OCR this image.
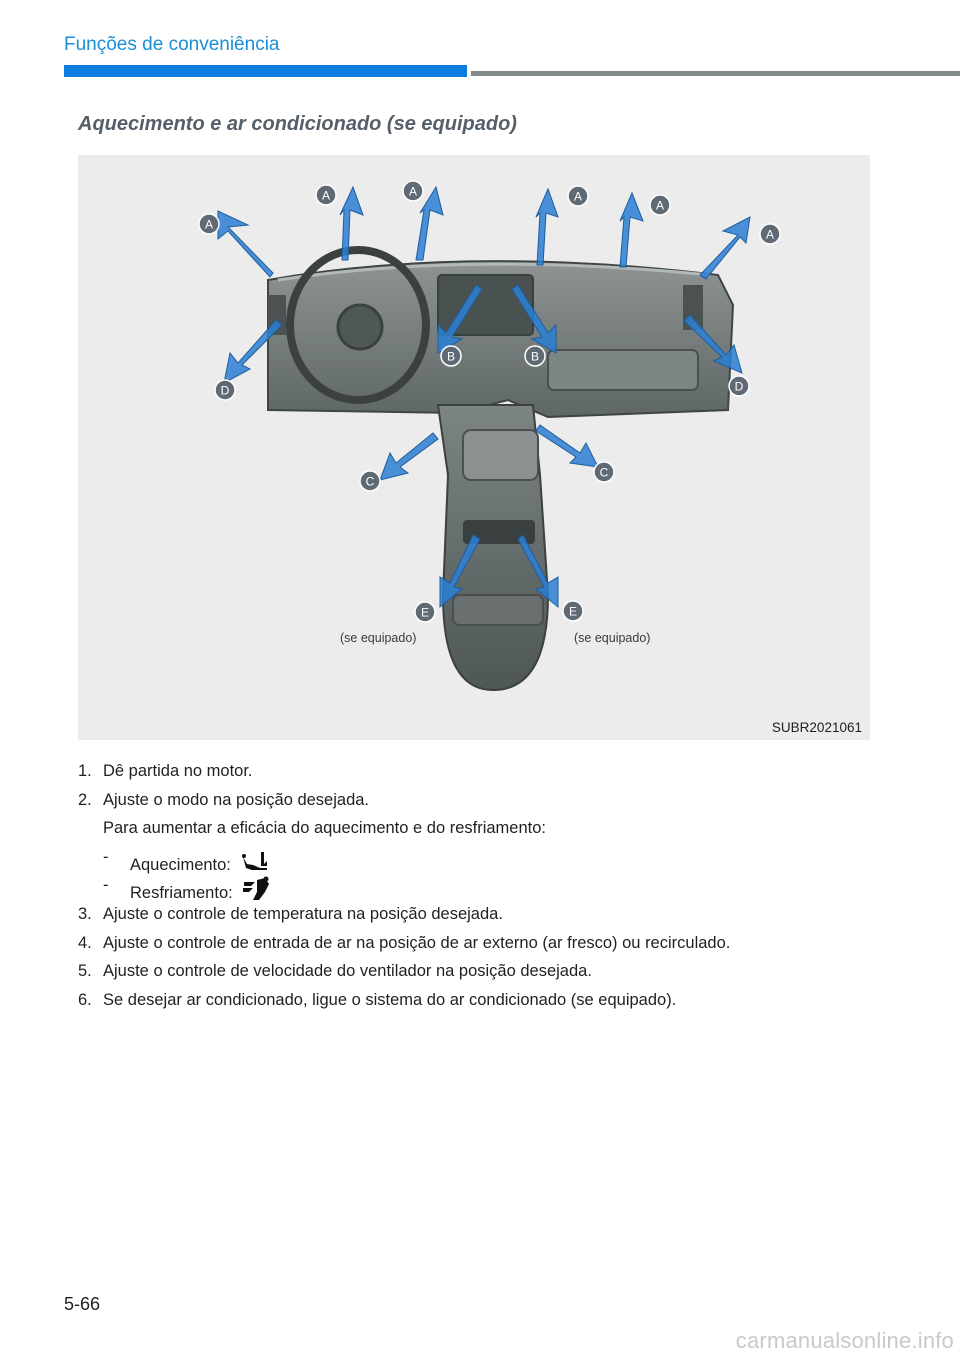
Funções de conveniência
Aquecimento e ar condicionado (se equipado)
A
A	A	A
A
A
B	B
C
C
D	D
E	E
(se equipado)	(se equipado)
SUBR2021061
1. Dê partida no motor.
2. Ajuste o modo na posição desejada.
Para aumentar a eficácia do aquecimento e do resfriamento:
- Aquecimento:
- Resfriamento:
3. Ajuste o controle de temperatura na posição desejada.
4. Ajuste o controle de entrada de ar na posição de ar externo (ar fresco) ou recirculado.
5. Ajuste o controle de velocidade do ventilador na posição desejada.
6. Se desejar ar condicionado, ligue o sistema do ar condicionado (se equipado).
5-66
carmanualsonline.info
